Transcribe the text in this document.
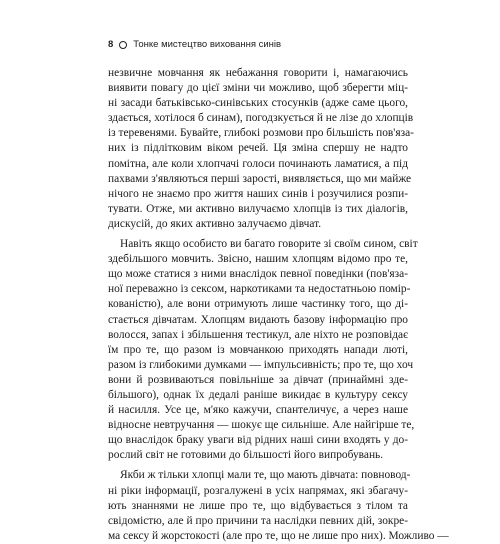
8 Тонке мистецтво виховання синів
незвичне мовчання як небажання говорити і, намагаючись
виявити повагу до цієї зміни чи можливо, щоб зберегти міц-
ні засади батьківсько-синівських стосунків (адже саме цього,
здається, хотілося б синам), погодзкується й не лізе до хлопців
із теревенями. Бувайте, глибокі розмови про більшість пов'яза-
них із підлітковим віком речей. Ця зміна спершу не надто
помітна, але коли хлопчачі голоси починають ламатися, а під
пахвами з'являються перші зарості, виявляється, що ми майже
нічого не знаємо про життя наших синів і розучилися розпи-
тувати. Отже, ми активно вилучаємо хлопців із тих діалогів,
дискусій, до яких активно залучаємо дівчат.
Навіть якщо особисто ви багато говорите зі своїм сином, світ
здебільшого мовчить. Звісно, нашим хлопцям відомо про те,
що може статися з ними внаслідок певної поведінки (пов'яза-
ної переважно із сексом, наркотиками та недостатньою помір-
кованістю), але вони отримують лише частинку того, що ді-
стається дівчатам. Хлопцям видають базову інформацію про
волосся, запах і збільшення тестикул, але ніхто не розповідає
їм про те, що разом із мовчанкою приходять напади люті,
разом із глибокими думками — імпульсивність; про те, що хоч
вони й розвиваються повільніше за дівчат (принаймні зде-
більшого), однак їх дедалі раніше викидає в культуру сексу
й насилля. Усе це, м'яко кажучи, спантеличує, а через наше
відносне невтручання — шокує ще сильніше. Але найгірше те,
що внаслідок браку уваги від рідних наші сини входять у до-
рослий світ не готовими до більшості його випробувань.
Якби ж тільки хлопці мали те, що мають дівчата: повновод-
ні ріки інформації, розгалужені в усіх напрямах, які збагачу-
ють знаннями не лише про те, що відбувається з тілом та
свідомістю, але й про причини та наслідки певних дій, зокре-
ма сексу й жорстокості (але про те, що не лише про них). Можливо —
